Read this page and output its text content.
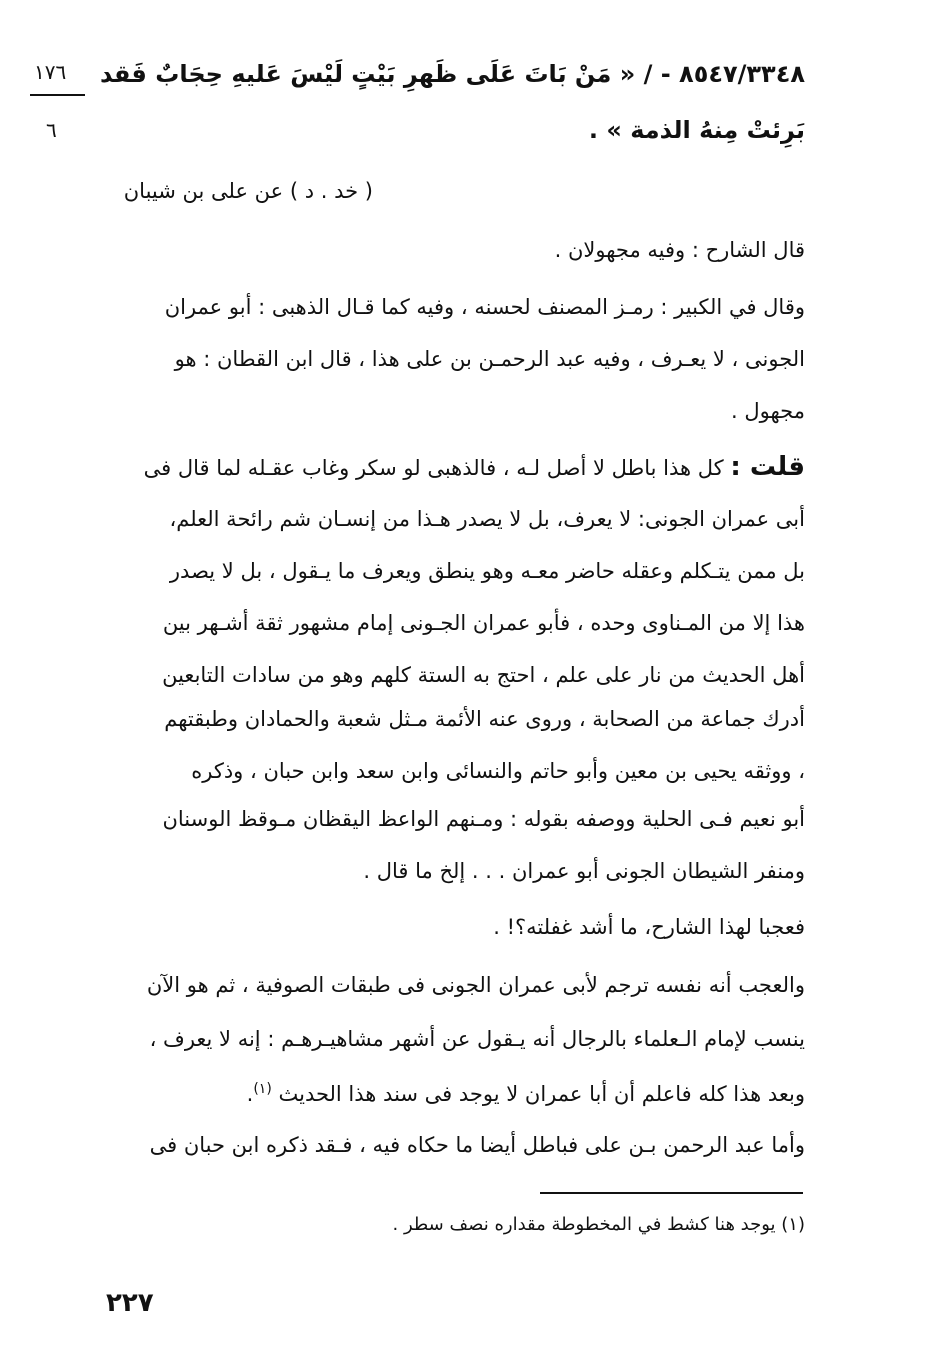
١٧٦
٦
٨٥٤٧/٣٣٤٨ - / « مَنْ بَاتَ عَلَى ظَهرِ بَيْتٍ لَيْسَ عَليهِ حِجَابٌ فَقد
بَرِئتْ مِنهُ الذمة » .
( خد . د ) عن على بن شيبان
قال الشارح : وفيه مجهولان .
وقال في الكبير : رمـز المصنف لحسنه ، وفيه كما قـال الذهبى : أبو عمران
الجونى ، لا يعـرف ، وفيه عبد الرحمـن بن على هذا ، قال ابن القطان : هو
مجهول .
قلت : كل هذا باطل لا أصل لـه ، فالذهبى لو سكر وغاب عقـله لما قال فى
أبى عمران الجونى: لا يعرف، بل لا يصدر هـذا من إنسـان شم رائحة العلم،
بل ممن يتـكلم وعقله حاضر معـه وهو ينطق ويعرف ما يـقول ، بل لا يصدر
هذا إلا من المـناوى وحده ، فأبو عمران الجـونى إمام مشهور ثقة أشـهر بين
أهل الحديث من نار على علم ، احتج به الستة كلهم وهو من سادات التابعين
أدرك جماعة من الصحابة ، وروى عنه الأئمة مـثل شعبة والحمادان وطبقتهم
، ووثقه يحيى بن معين وأبو حاتم والنسائى وابن سعد وابن حبان ، وذكره
أبو نعيم فـى الحلية ووصفه بقوله : ومـنهم الواعظ اليقظان مـوقظ الوسنان
ومنفر الشيطان الجونى أبو عمران . . . إلخ ما قال .
فعجبا لهذا الشارح، ما أشد غفلته؟! .
والعجب أنه نفسه ترجم لأبى عمران الجونى فى طبقات الصوفية ، ثم هو الآن
ينسب لإمام الـعلماء بالرجال أنه يـقول عن أشهر مشاهيـرهـم : إنه لا يعرف ،
وبعد هذا كله فاعلم أن أبا عمران لا يوجد فى سند هذا الحديث $^{(١)}$.
وأما عبد الرحمن بـن على فباطل أيضا ما حكاه فيه ، فـقد ذكره ابن حبان فى
(١) يوجد هنا كشط في المخطوطة مقداره نصف سطر .
٢٢٧
